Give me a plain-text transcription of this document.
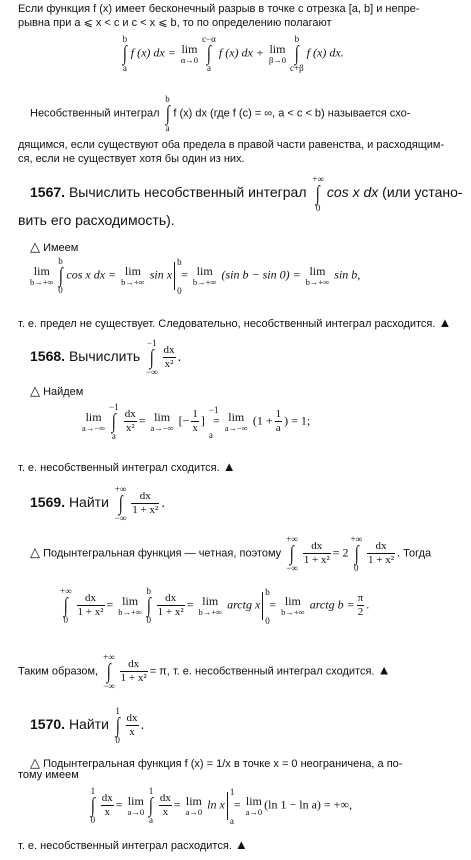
Если функция f (x) имеет бесконечный разрыв в точке c отрезка [a, b] и непре-
рывна при a ⩽ x < c и c < x ⩽ b, то по определению полагают
b
∫
a
f (x) dx = lim
α→0
c−α
∫
a
f (x) dx + lim
β→0
b
∫
c+β
f (x) dx.
Несобственный интеграл
b
∫
a
f (x) dx (где f (c) = ∞, a < c < b) называется схо-
дящимся, если существуют оба предела в правой части равенства, и расходящим-
ся, если не существует хотя бы один из них.
1567. Вычислить несобственный интеграл
+∞
∫
0
cos x dx (или устано-
вить его расходимость).
△ Имеем
lim
b→+∞
b
∫
0
cos x dx = lim
b→+∞
sin x
b
0
= lim
b→+∞
(sin b − sin 0) = lim
b→+∞
sin b,
т. е. предел не существует. Следовательно, несобственный интеграл расходится. ▲
1568. Вычислить
−1
∫
−∞
$\frac{dx}{\text{x²}}$ .
△ Найдем
lim
a→−∞
−1
∫
a
$\frac{dx}{\text{x²}} = \lim$
a→−∞
[− $\frac{1}{x}$ ]
−1
a
= lim
a→−∞
($1 + \frac{1}{a}$ ) = 1;
т. е. несобственный интеграл сходится. ▲
1569. Найти
+∞
∫
−∞
$\frac{dx}{\text{1 + x²}}$ .
△ Подынтегральная функция — четная, поэтому
+∞
∫
−∞
$\frac{dx}{\text{1 + x²}} = 2$
+∞
∫
0
$\frac{dx}{\text{1 + x²}}$ . Тогда
+∞
∫
0
$\frac{dx}{\text{1 + x²}} = \lim$
b→+∞
b
∫
0
$\frac{dx}{\text{1 + x²}} = \lim$
b→+∞
arctg x
b
0
= lim
b→+∞
arctg $b = \frac{\pi}{2}$ .
Таким образом,
+∞
∫
−∞
$\frac{dx}{\text{1 + x²}} = \pi$, т. е. несобственный интеграл сходится. ▲
1570. Найти
1
∫
0
$\frac{dx}{x}$ .
△ Подынтегральная функция f (x) = 1/x в точке x = 0 неограничена, а по-
тому имеем
1
∫
0
$\frac{dx}{x} = \lim$
a→0
1
∫
a
$\frac{dx}{x} = \lim$
a→0
ln x
1
a
= lim
a→0
(ln 1 − ln a) = +∞,
т. е. несобственный интеграл расходится. ▲
